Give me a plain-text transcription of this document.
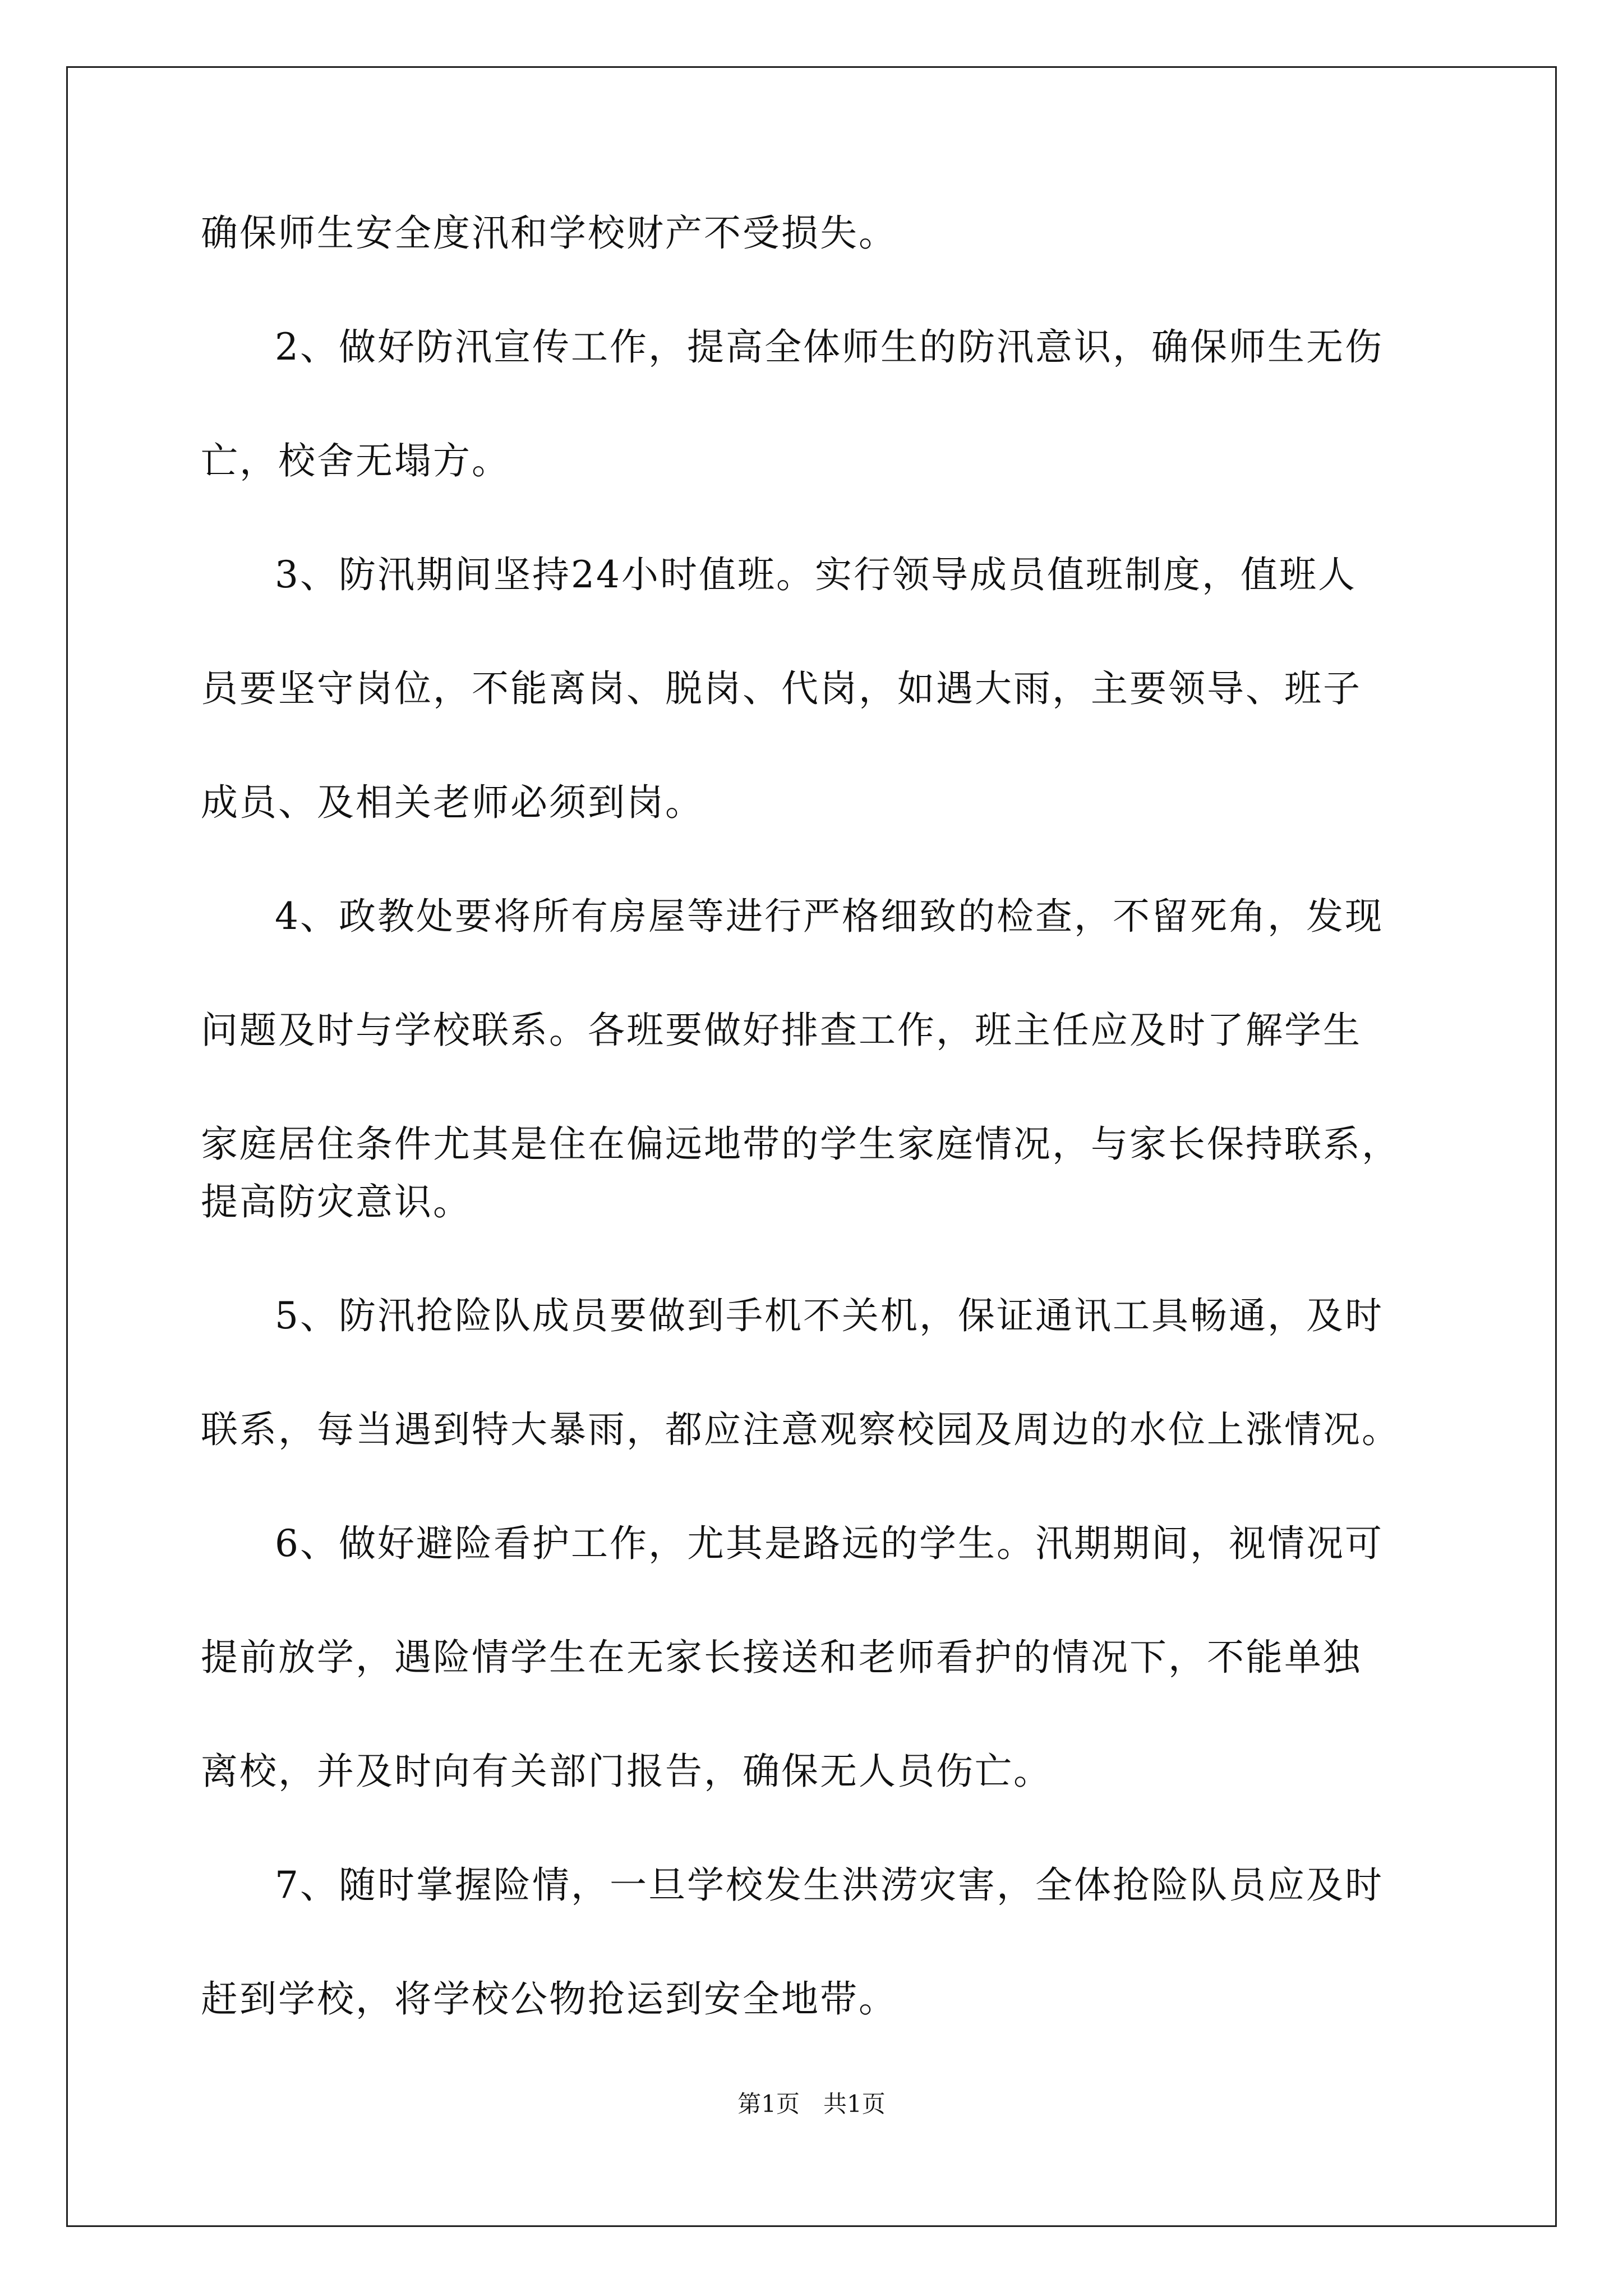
确保师生安全度汛和学校财产不受损失。
2、做好防汛宣传工作，提高全体师生的防汛意识，确保师生无伤
亡，校舍无塌方。
3、防汛期间坚持24小时值班。实行领导成员值班制度，值班人
员要坚守岗位，不能离岗、脱岗、代岗，如遇大雨，主要领导、班子
成员、及相关老师必须到岗。
4、政教处要将所有房屋等进行严格细致的检查，不留死角，发现
问题及时与学校联系。各班要做好排查工作，班主任应及时了解学生
家庭居住条件尤其是住在偏远地带的学生家庭情况，与家长保持联系，
提高防灾意识。
5、防汛抢险队成员要做到手机不关机，保证通讯工具畅通，及时
联系，每当遇到特大暴雨，都应注意观察校园及周边的水位上涨情况。
6、做好避险看护工作，尤其是路远的学生。汛期期间，视情况可
提前放学，遇险情学生在无家长接送和老师看护的情况下，不能单独
离校，并及时向有关部门报告，确保无人员伤亡。
7、随时掌握险情，一旦学校发生洪涝灾害，全体抢险队员应及时
赶到学校，将学校公物抢运到安全地带。
第1页　共1页
